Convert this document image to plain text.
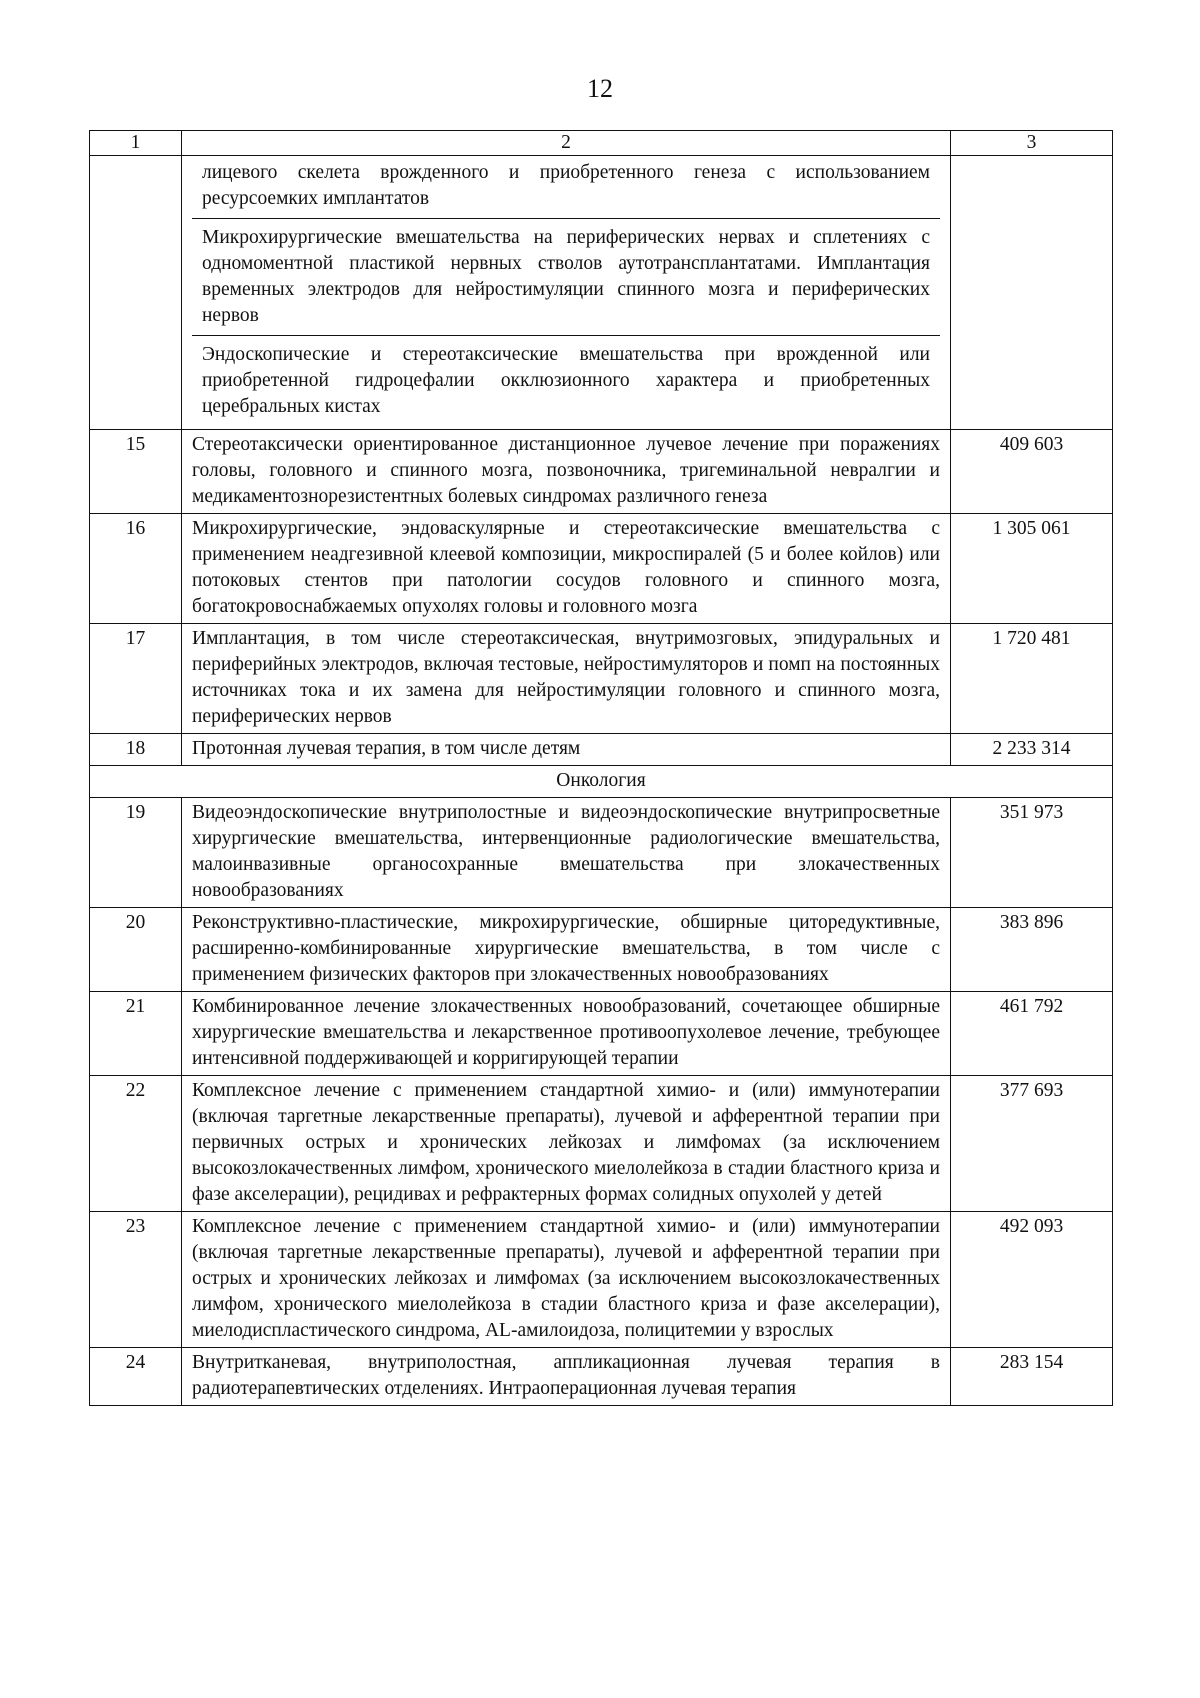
12
1	2	3

	лицевого скелета врожденного и приобретенного генеза с использованием ресурсоемких имплантатов
Микрохирургические вмешательства на периферических нервах и сплетениях с одномоментной пластикой нервных стволов аутотрансплантатами. Имплантация временных электродов для нейростимуляции спинного мозга и периферических нервов
Эндоскопические и стереотаксические вмешательства при врожденной или приобретенной гидроцефалии окклюзионного характера и приобретенных церебральных кистах	

15	Стереотаксически ориентированное дистанционное лучевое лечение при поражениях головы, головного и спинного мозга, позвоночника, тригеминальной невралгии и медикаментознорезистентных болевых синдромах различного генеза	409 603
16	Микрохирургические, эндоваскулярные и стереотаксические вмешательства с применением неадгезивной клеевой композиции, микроспиралей (5 и более койлов) или потоковых стентов при патологии сосудов головного и спинного мозга, богатокровоснабжаемых опухолях головы и головного мозга	1 305 061
17	Имплантация, в том числе стереотаксическая, внутримозговых, эпидуральных и периферийных электродов, включая тестовые, нейростимуляторов и помп на постоянных источниках тока и их замена для нейростимуляции головного и спинного мозга, периферических нервов	1 720 481
18	Протонная лучевая терапия, в том числе детям	2 233 314
Онкология		
19	Видеоэндоскопические внутриполостные и видеоэндоскопические внутрипросветные хирургические вмешательства, интервенционные радиологические вмешательства, малоинвазивные органосохранные вмешательства при злокачественных новообразованиях	351 973
20	Реконструктивно-пластические, микрохирургические, обширные циторедуктивные, расширенно-комбинированные хирургические вмешательства, в том числе с применением физических факторов при злокачественных новообразованиях	383 896
21	Комбинированное лечение злокачественных новообразований, сочетающее обширные хирургические вмешательства и лекарственное противоопухолевое лечение, требующее интенсивной поддерживающей и корригирующей терапии	461 792
22	Комплексное лечение с применением стандартной химио- и (или) иммунотерапии (включая таргетные лекарственные препараты), лучевой и афферентной терапии при первичных острых и хронических лейкозах и лимфомах (за исключением высокозлокачественных лимфом, хронического миелолейкоза в стадии бластного криза и фазе акселерации), рецидивах и рефрактерных формах солидных опухолей у детей	377 693
23	Комплексное лечение с применением стандартной химио- и (или) иммунотерапии (включая таргетные лекарственные препараты), лучевой и афферентной терапии при острых и хронических лейкозах и лимфомах (за исключением высокозлокачественных лимфом, хронического миелолейкоза в стадии бластного криза и фазе акселерации), миелодиспластического синдрома, AL-амилоидоза, полицитемии у взрослых	492 093
24	Внутритканевая, внутриполостная, аппликационная лучевая терапия в радиотерапевтических отделениях. Интраоперационная лучевая терапия	283 154
